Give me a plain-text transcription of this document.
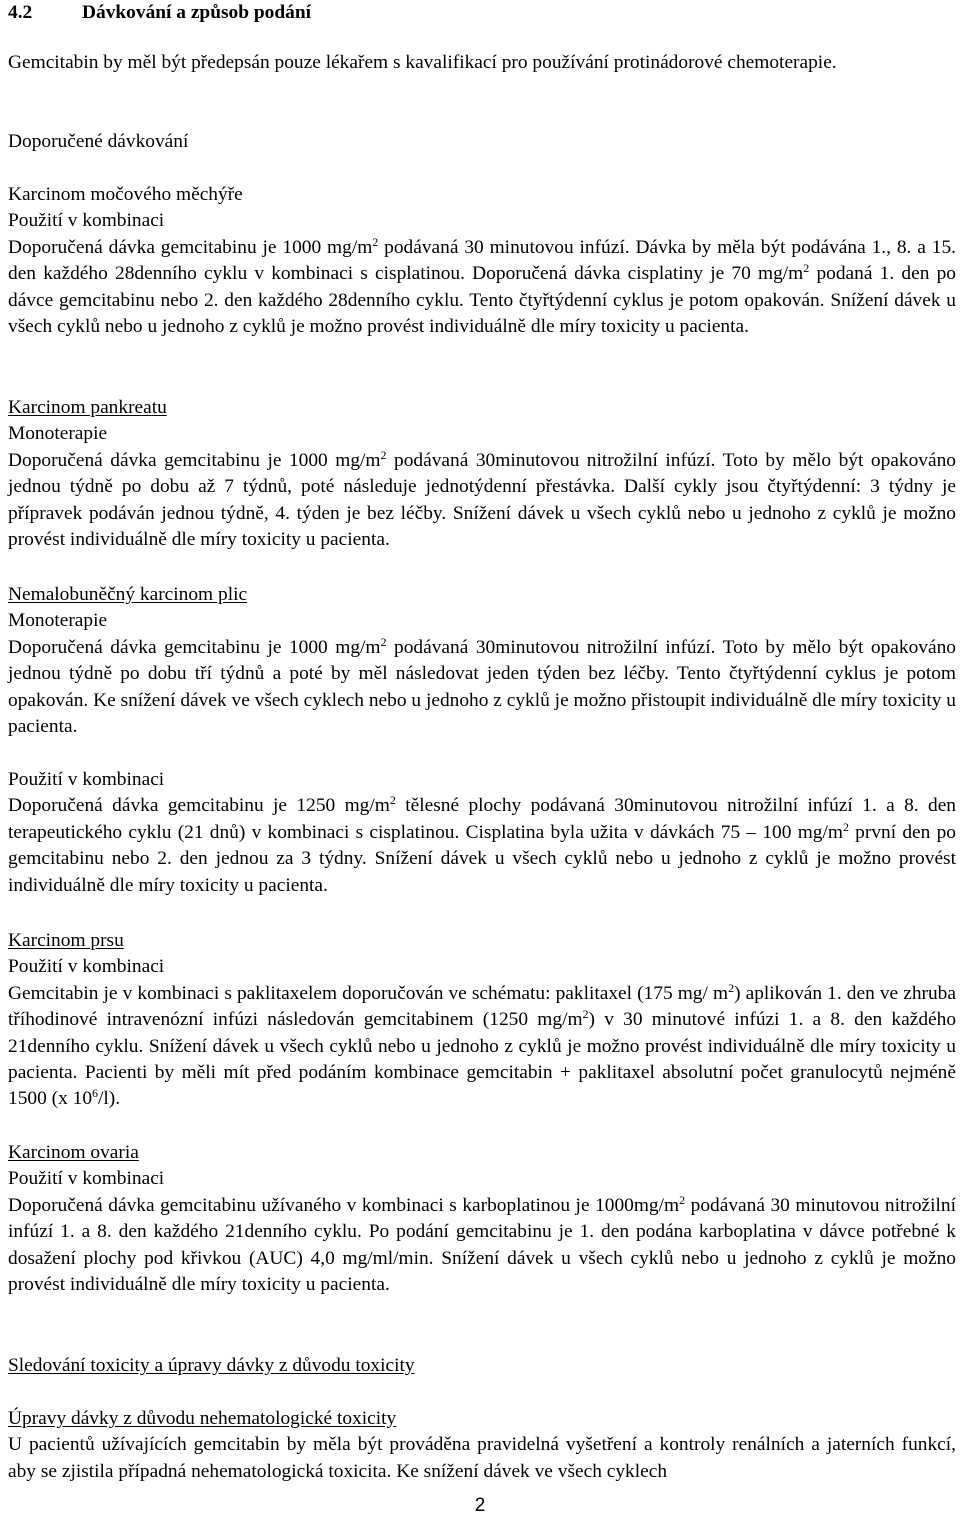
4.2	Dávkování a způsob podání

Gemcitabin by měl být předepsán pouze lékařem s kavalifikací pro používání protinádorové chemoterapie.

Doporučené dávkování

Karcinom močového měchýře

Použití v kombinaci

Doporučená dávka gemcitabinu je 1000 $mg/m^2$ podávaná 30 minutovou infúzí. Dávka by měla být podávána 1., 8. a 15. den každého 28denního cyklu v kombinaci s cisplatinou. Doporučená dávka cisplatiny je 70 $mg/m^2$ podaná 1. den po dávce gemcitabinu nebo 2. den každého 28denního cyklu. Tento čtyřtýdenní cyklus je potom opakován. Snížení dávek u všech cyklů nebo u jednoho z cyklů je možno provést individuálně dle míry toxicity u pacienta.

Karcinom pankreatu

Monoterapie

Doporučená dávka gemcitabinu je 1000 $mg/m^2$ podávaná 30minutovou nitrožilní infúzí. Toto by mělo být opakováno jednou týdně po dobu až 7 týdnů, poté následuje jednotýdenní přestávka. Další cykly jsou čtyřtýdenní: 3 týdny je přípravek podáván jednou týdně, 4. týden je bez léčby. Snížení dávek u všech cyklů nebo u jednoho z cyklů je možno provést individuálně dle míry toxicity u pacienta.

Nemalobuněčný karcinom plic

Monoterapie

Doporučená dávka gemcitabinu je 1000 $mg/m^2$ podávaná 30minutovou nitrožilní infúzí. Toto by mělo být opakováno jednou týdně po dobu tří týdnů a poté by měl následovat jeden týden bez léčby. Tento čtyřtýdenní cyklus je potom opakován. Ke snížení dávek ve všech cyklech nebo u jednoho z cyklů je možno přistoupit individuálně dle míry toxicity u pacienta.

Použití v kombinaci

Doporučená dávka gemcitabinu je 1250 $mg/m^2$ tělesné plochy podávaná 30minutovou nitrožilní infúzí 1. a 8. den terapeutického cyklu (21 dnů) v kombinaci s cisplatinou. Cisplatina byla užita v dávkách 75 – 100 $mg/m^2$ první den po gemcitabinu nebo 2. den jednou za 3 týdny. Snížení dávek u všech cyklů nebo u jednoho z cyklů je možno provést individuálně dle míry toxicity u pacienta.

Karcinom prsu

Použití v kombinaci

Gemcitabin je v kombinaci s paklitaxelem doporučován ve schématu: paklitaxel (175 mg/ $m^2$) aplikován 1. den ve zhruba tříhodinové intravenózní infúzi následován gemcitabinem (1250 $mg/m^2$) v 30 minutové infúzi 1. a 8. den každého 21denního cyklu. Snížení dávek u všech cyklů nebo u jednoho z cyklů je možno provést individuálně dle míry toxicity u pacienta. Pacienti by měli mít před podáním kombinace gemcitabin + paklitaxel absolutní počet granulocytů nejméně 1500 (x $10^6/l$).

Karcinom ovaria

Použití v kombinaci

Doporučená dávka gemcitabinu užívaného v kombinaci s karboplatinou je $1000mg/m^2$ podávaná 30 minutovou nitrožilní infúzí 1. a 8. den každého 21denního cyklu. Po podání gemcitabinu je 1. den podána karboplatina v dávce potřebné k dosažení plochy pod křivkou (AUC) 4,0 mg/ml/min. Snížení dávek u všech cyklů nebo u jednoho z cyklů je možno provést individuálně dle míry toxicity u pacienta.

Sledování toxicity a úpravy dávky z důvodu toxicity

Úpravy dávky z důvodu nehematologické toxicity

U pacientů užívajících gemcitabin by měla být prováděna pravidelná vyšetření a kontroly renálních a jaterních funkcí, aby se zjistila případná nehematologická toxicita. Ke snížení dávek ve všech cyklech

2
